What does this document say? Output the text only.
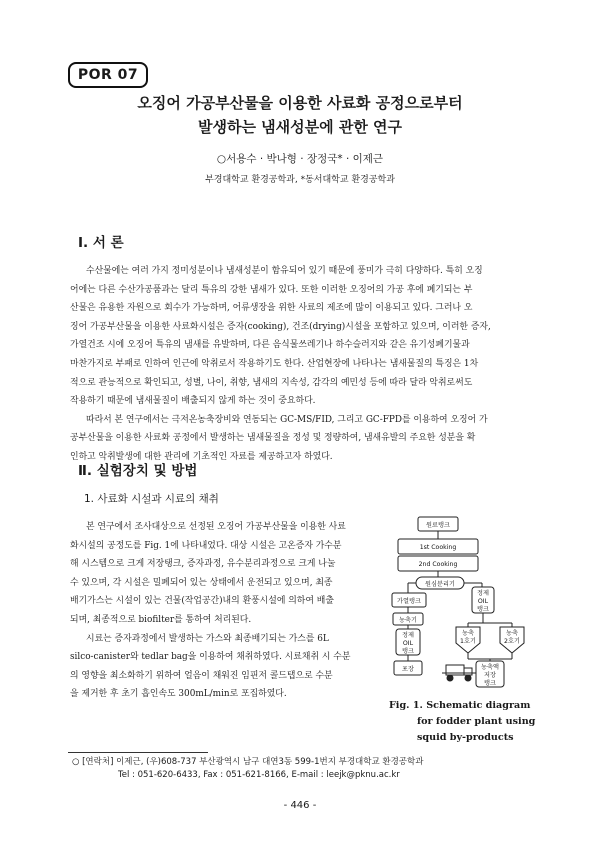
POR 07
오징어 가공부산물을 이용한 사료화 공정으로부터
발생하는 냄새성분에 관한 연구
○서용수 · 박나형 · 장정국* · 이제근
부경대학교 환경공학과, *동서대학교 환경공학과
Ⅰ. 서 론

수산물에는 여러 가지 정미성분이나 냄새성분이 함유되어 있기 때문에 풍미가 극히 다양하다. 특히 오징
어에는 다른 수산가공품과는 달리 특유의 강한 냄새가 있다. 또한 이러한 오징어의 가공 후에 폐기되는 부
산물은 유용한 자원으로 회수가 가능하며, 어류생장을 위한 사료의 제조에 많이 이용되고 있다. 그러나 오
징어 가공부산물을 이용한 사료화시설은 증자(cooking), 건조(drying)시설을 포함하고 있으며, 이러한 증자,
가열건조 시에 오징어 특유의 냄새를 유발하며, 다른 음식물쓰레기나 하수슬러지와 같은 유기성폐기물과
마찬가지로 부패로 인하여 인근에 악취로서 작용하기도 한다. 산업현장에 나타나는 냄새물질의 특징은 1차
적으로 관능적으로 확인되고, 성별, 나이, 취향, 냄새의 지속성, 감각의 예민성 등에 따라 달라 악취로써도
작용하기 때문에 냄새물질이 배출되지 않게 하는 것이 중요하다.

따라서 본 연구에서는 극저온농축장비와 연동되는 GC-MS/FID, 그리고 GC-FPD를 이용하여 오징어 가
공부산물을 이용한 사료화 공정에서 발생하는 냄새물질을 정성 및 정량하여, 냄새유발의 주요한 성분을 확
인하고 악취발생에 대한 관리에 기초적인 자료를 제공하고자 하였다.

Ⅱ. 실험장치 및 방법
1. 사료화 시설과 시료의 채취

본 연구에서 조사대상으로 선정된 오징어 가공부산물을 이용한 사료
화시설의 공정도를 Fig. 1에 나타내었다. 대상 시설은 고온증자 가수분
해 시스템으로 크게 저장탱크, 증자과정, 유수분리과정으로 크게 나눌
수 있으며, 각 시설은 밀폐되어 있는 상태에서 운전되고 있으며, 최종
배기가스는 시설이 있는 건물(작업공간)내의 환풍시설에 의하여 배출
되며, 최종적으로 biofilter를 통하여 처리된다.

시료는 증자과정에서 발생하는 가스와 최종배기되는 가스를 6L
silco-canister와 tedlar bag을 이용하여 채취하였다. 시료채취 시 수분
의 영향을 최소화하기 위하여 얼음이 채워진 임핀저 콜드탭으로 수분
을 제거한 후 초기 흡인속도 300mL/min로 포집하였다.

원료탱크
1st Cooking
2nd Cooking
원심분리기
가열탱크
정제
OIL
탱크
농축기
정제
OIL
탱크
포장
농축
1호기
농축
2호기
농축액
저장
탱크
Fig. 1. Schematic diagram
for fodder plant using
squid by-products
○ [연락처] 이제근, (우)608-737 부산광역시 남구 대연3동 599-1번지 부경대학교 환경공학과
Tel : 051-620-6433, Fax : 051-621-8166, E-mail : leejk@pknu.ac.kr
- 446 -
